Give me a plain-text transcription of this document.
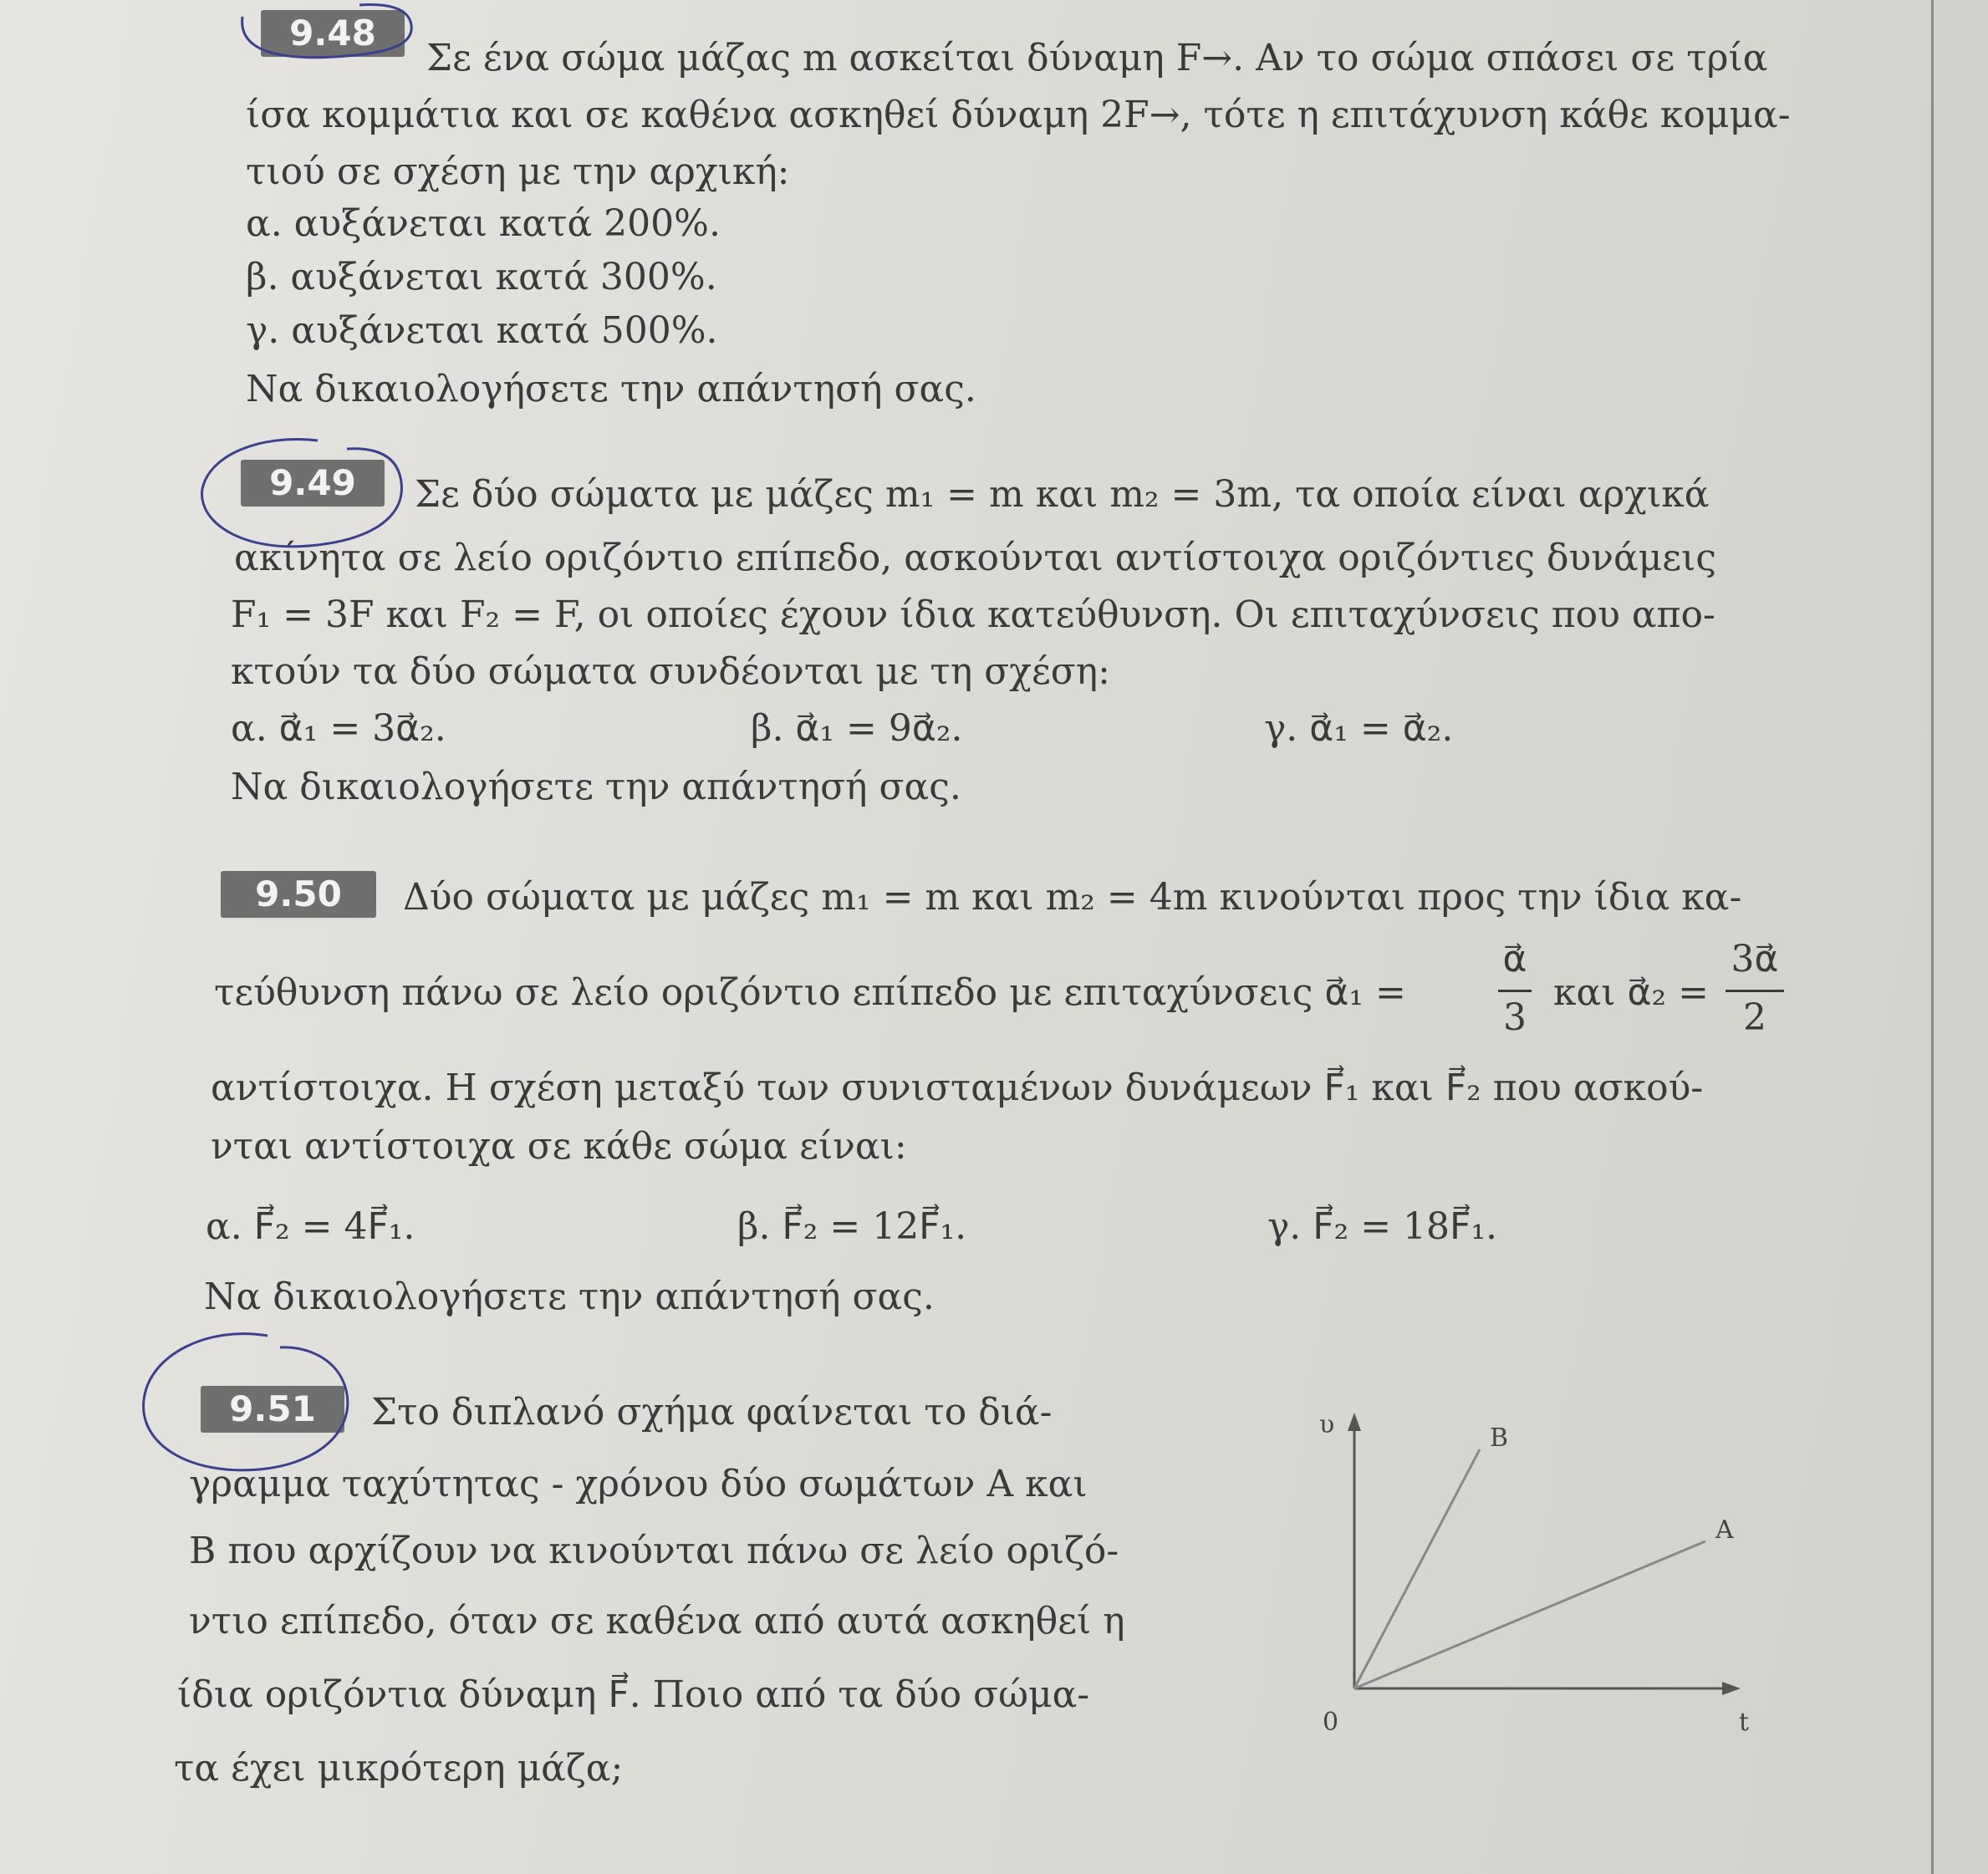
9.48
Σε ένα σώμα μάζας m ασκείται δύναμη F→. Αν το σώμα σπάσει σε τρία
ίσα κομμάτια και σε καθένα ασκηθεί δύναμη 2F→, τότε η επιτάχυνση κάθε κομμα-
τιού σε σχέση με την αρχική:
α. αυξάνεται κατά 200%.
β. αυξάνεται κατά 300%.
γ. αυξάνεται κατά 500%.
Να δικαιολογήσετε την απάντησή σας.
9.49	Σε δύο σώματα με μάζες m₁ = m και m₂ = 3m, τα οποία είναι αρχικά
ακίνητα σε λείο οριζόντιο επίπεδο, ασκούνται αντίστοιχα οριζόντιες δυνάμεις
F₁ = 3F και F₂ = F, οι οποίες έχουν ίδια κατεύθυνση. Οι επιταχύνσεις που απο-
κτούν τα δύο σώματα συνδέονται με τη σχέση:
α. α⃗₁ = 3α⃗₂.	β. α⃗₁ = 9α⃗₂.	γ. α⃗₁ = α⃗₂.
Να δικαιολογήσετε την απάντησή σας.
9.50	Δύο σώματα με μάζες m₁ = m και m₂ = 4m κινούνται προς την ίδια κα-
τεύθυνση πάνω σε λείο οριζόντιο επίπεδο με επιταχύνσεις α⃗₁ =
α⃗
3
και α⃗₂ =
3α⃗
2
αντίστοιχα. Η σχέση μεταξύ των συνισταμένων δυνάμεων F⃗₁ και F⃗₂ που ασκού-
νται αντίστοιχα σε κάθε σώμα είναι:
α. F⃗₂ = 4F⃗₁.	β. F⃗₂ = 12F⃗₁.	γ. F⃗₂ = 18F⃗₁.
Να δικαιολογήσετε την απάντησή σας.
9.51	Στο διπλανό σχήμα φαίνεται το διά-
γραμμα ταχύτητας - χρόνου δύο σωμάτων Α και
Β που αρχίζουν να κινούνται πάνω σε λείο οριζό-
ντιο επίπεδο, όταν σε καθένα από αυτά ασκηθεί η
ίδια οριζόντια δύναμη F⃗. Ποιο από τα δύο σώμα-
τα έχει μικρότερη μάζα;
υ
t
0
Β
Α
